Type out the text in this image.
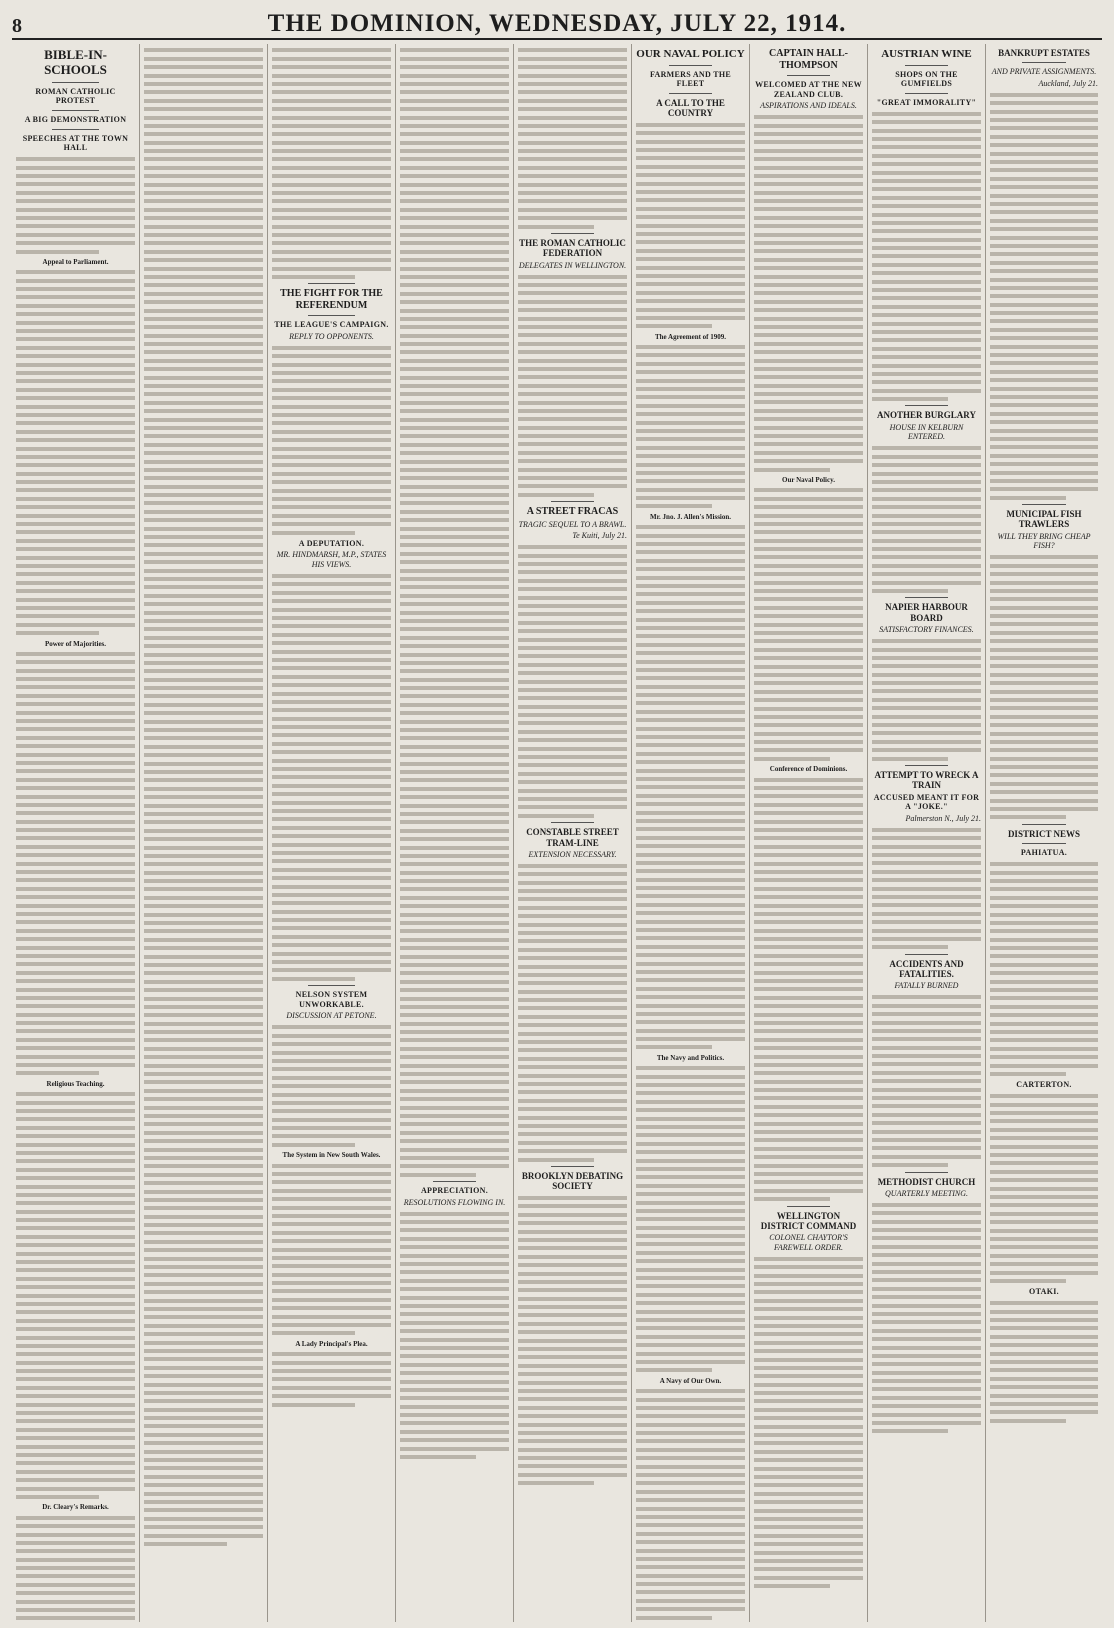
8	THE DOMINION, WEDNESDAY, JULY 22, 1914.
BIBLE-IN-SCHOOLS
ROMAN CATHOLIC PROTEST
A BIG DEMONSTRATION
SPEECHES AT THE TOWN HALL
Appeal to Parliament.
Power of Majorities.
Religious Teaching.
Dr. Cleary's Remarks.
THE FIGHT FOR THE REFERENDUM
THE LEAGUE'S CAMPAIGN.
REPLY TO OPPONENTS.
A DEPUTATION.
MR. HINDMARSH, M.P., STATES HIS VIEWS.
NELSON SYSTEM UNWORKABLE.
DISCUSSION AT PETONE.
The System in New South Wales.
A Lady Principal's Plea.
APPRECIATION.
RESOLUTIONS FLOWING IN.
THE ROMAN CATHOLIC FEDERATION
DELEGATES IN WELLINGTON.
A STREET FRACAS
TRAGIC SEQUEL TO A BRAWL.
Te Kuiti, July 21.
CONSTABLE STREET TRAM-LINE
EXTENSION NECESSARY.
BROOKLYN DEBATING SOCIETY
OUR NAVAL POLICY
FARMERS AND THE FLEET
A CALL TO THE COUNTRY
The Agreement of 1909.
Mr. Jno. J. Allen's Mission.
The Navy and Politics.
A Navy of Our Own.
CAPTAIN HALL-THOMPSON
WELCOMED AT THE NEW ZEALAND CLUB.
ASPIRATIONS AND IDEALS.
Our Naval Policy.
Conference of Dominions.
WELLINGTON DISTRICT COMMAND
COLONEL CHAYTOR'S FAREWELL ORDER.
AUSTRIAN WINE
SHOPS ON THE GUMFIELDS
"GREAT IMMORALITY"
ANOTHER BURGLARY
HOUSE IN KELBURN ENTERED.
NAPIER HARBOUR BOARD
SATISFACTORY FINANCES.
ATTEMPT TO WRECK A TRAIN
ACCUSED MEANT IT FOR A "JOKE."
Palmerston N., July 21.
ACCIDENTS AND FATALITIES.
FATALLY BURNED
METHODIST CHURCH
QUARTERLY MEETING.
BANKRUPT ESTATES
AND PRIVATE ASSIGNMENTS.
Auckland, July 21.
MUNICIPAL FISH TRAWLERS
WILL THEY BRING CHEAP FISH?
DISTRICT NEWS
PAHIATUA.
CARTERTON.
OTAKI.
